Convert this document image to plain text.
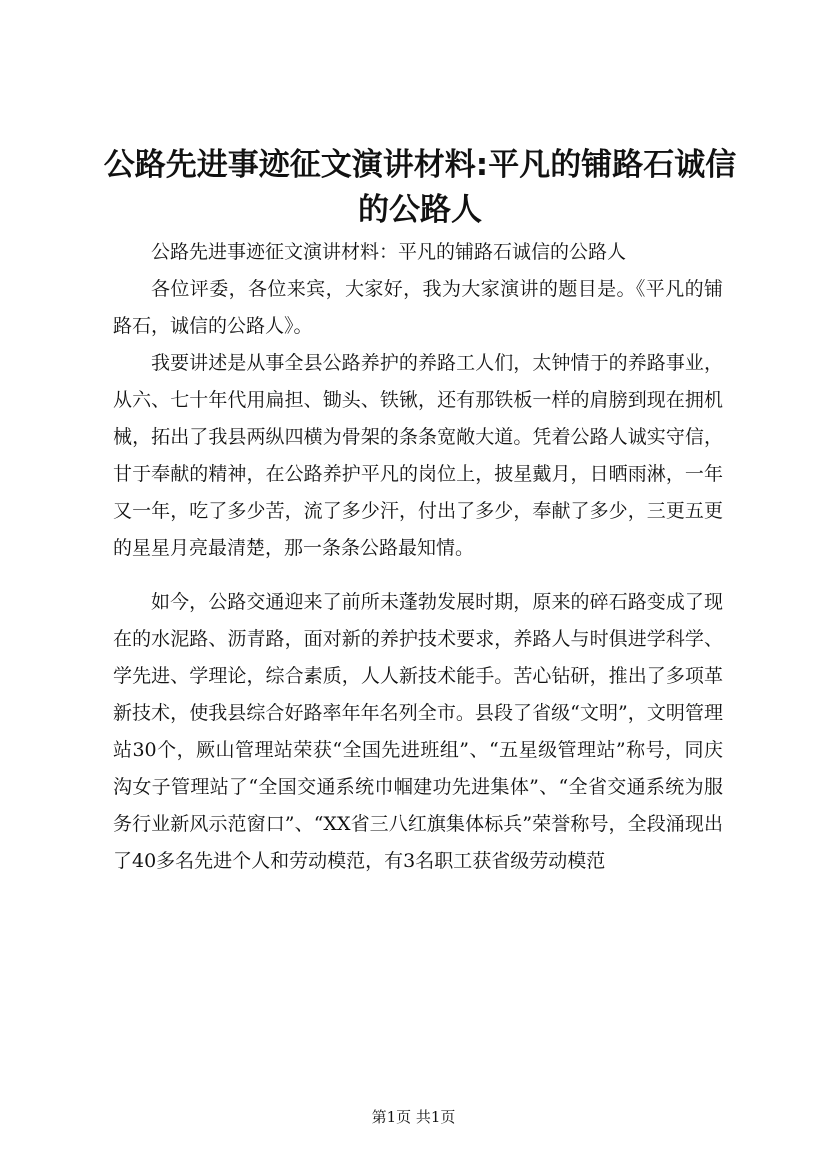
公路先进事迹征文演讲材料:平凡的铺路石诚信的公路人

公路先进事迹征文演讲材料：平凡的铺路石诚信的公路人

各位评委，各位来宾，大家好，我为大家演讲的题目是。《平凡的铺路石，诚信的公路人》。

我要讲述是从事全县公路养护的养路工人们，太钟情于的养路事业，从六、七十年代用扁担、锄头、铁锹，还有那铁板一样的肩膀到现在拥机械，拓出了我县两纵四横为骨架的条条宽敞大道。凭着公路人诚实守信，甘于奉献的精神，在公路养护平凡的岗位上，披星戴月，日晒雨淋，一年又一年，吃了多少苦，流了多少汗，付出了多少，奉献了多少，三更五更的星星月亮最清楚，那一条条公路最知情。

如今，公路交通迎来了前所未蓬勃发展时期，原来的碎石路变成了现在的水泥路、沥青路，面对新的养护技术要求，养路人与时俱进学科学、学先进、学理论，综合素质，人人新技术能手。苦心钻研，推出了多项革新技术，使我县综合好路率年年名列全市。县段了省级“文明”，文明管理站30个，厥山管理站荣获“全国先进班组”、“五星级管理站”称号，同庆沟女子管理站了“全国交通系统巾帼建功先进集体”、“全省交通系统为服务行业新风示范窗口”、“XX省三八红旗集体标兵”荣誉称号，全段涌现出了40多名先进个人和劳动模范，有3名职工获省级劳动模范

第1页 共1页
